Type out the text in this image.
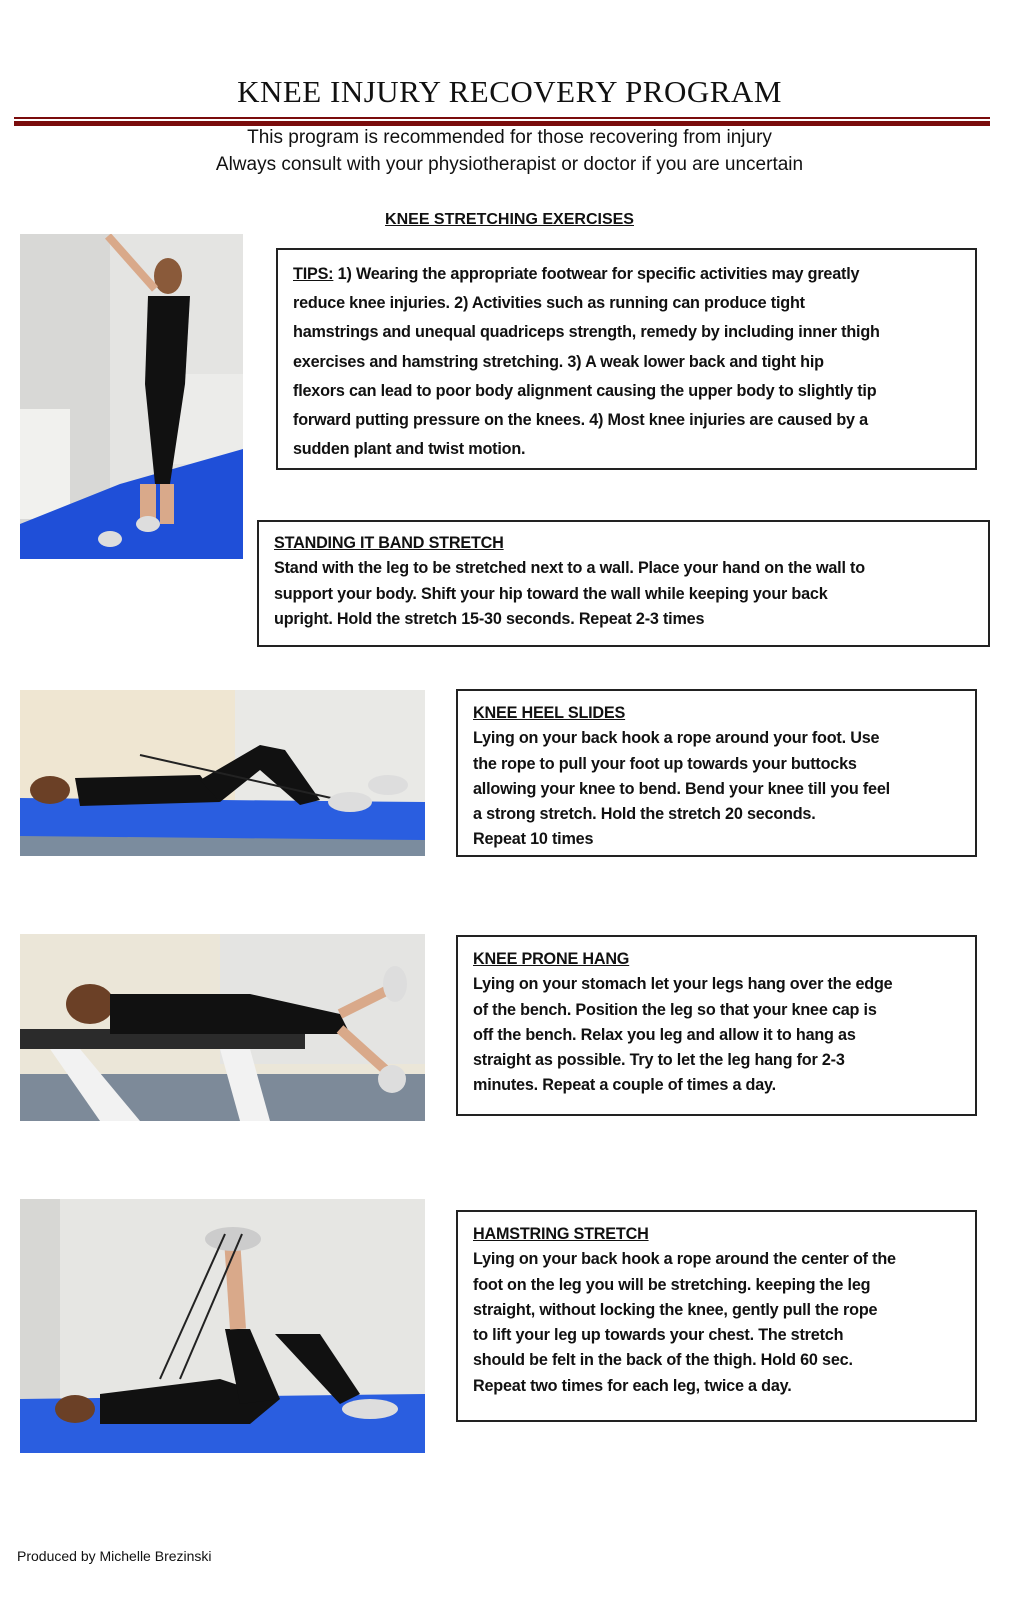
KNEE INJURY RECOVERY PROGRAM
This program is recommended for those recovering from injury
Always consult with your physiotherapist or doctor if you are uncertain
KNEE STRETCHING EXERCISES
TIPS: 1) Wearing the appropriate footwear for specific activities may greatly
reduce knee injuries. 2) Activities such as running can produce tight
hamstrings and unequal quadriceps strength, remedy by including inner thigh
exercises and hamstring stretching. 3) A weak lower back and tight hip
flexors can lead to poor body alignment causing the upper body to slightly tip
forward putting pressure on the knees. 4) Most knee injuries are caused by a
sudden plant and twist motion.
STANDING IT BAND STRETCH
Stand with the leg to be stretched next to a wall. Place your hand on the wall to
support your body. Shift your hip toward the wall while keeping your back
upright. Hold the stretch 15-30 seconds. Repeat 2-3 times
KNEE HEEL SLIDES
Lying on your back hook a rope around your foot. Use
the rope to pull your foot up towards your buttocks
allowing your knee to bend. Bend your knee till you feel
a strong stretch. Hold the stretch 20 seconds.
Repeat 10 times
KNEE PRONE HANG
Lying on your stomach let your legs hang over the edge
of the bench. Position the leg so that your knee cap is
off the bench. Relax you leg and allow it to hang as
straight as possible. Try to let the leg hang for 2-3
minutes. Repeat a couple of times a day.
HAMSTRING STRETCH
Lying on your back hook a rope around the center of the
foot on the leg you will be stretching. keeping the leg
straight, without locking the knee, gently pull the rope
to lift your leg up towards your chest. The stretch
should be felt in the back of the thigh. Hold 60 sec.
Repeat two times for each leg, twice a day.
Produced by Michelle Brezinski
